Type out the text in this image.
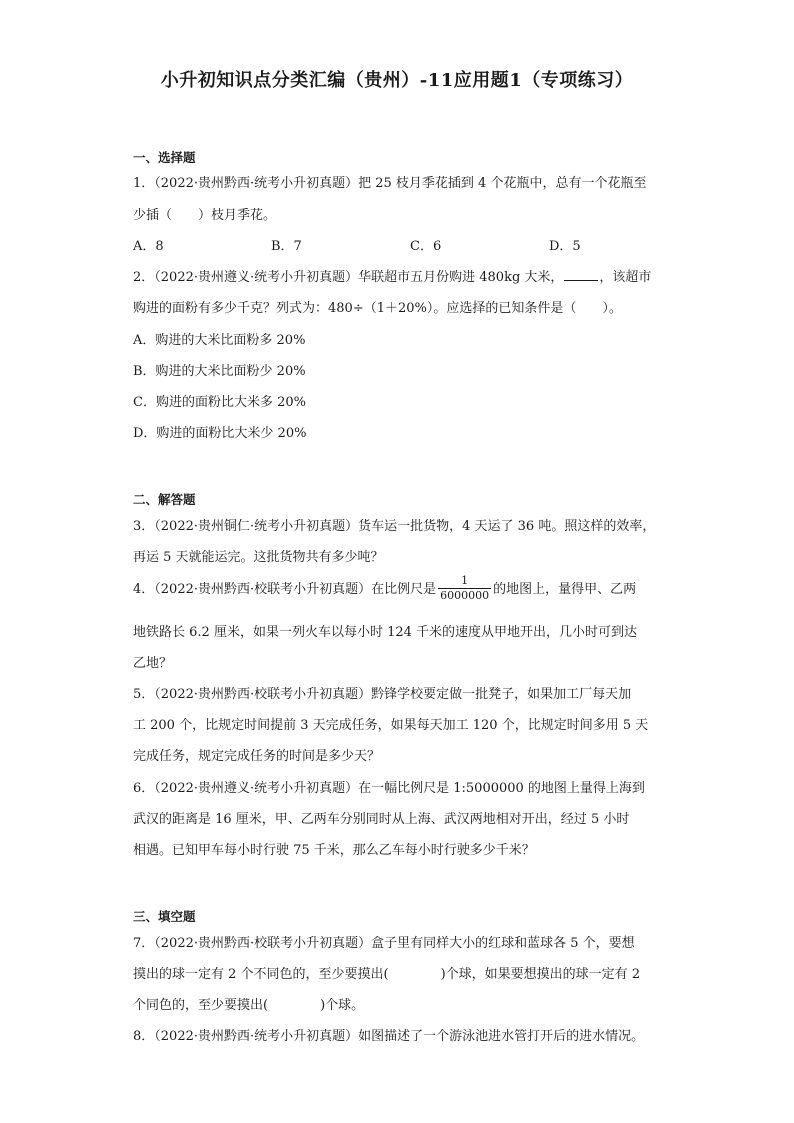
小升初知识点分类汇编（贵州）-11应用题1（专项练习）
一、选择题
1．（2022·贵州黔西·统考小升初真题）把 25 枝月季花插到 4 个花瓶中，总有一个花瓶至
少插（　　）枝月季花。
A．8	B．7	C．6	D．5
2．（2022·贵州遵义·统考小升初真题）华联超市五月份购进 480kg 大米，	，该超市
购进的面粉有多少千克？列式为：480÷（1＋20%）。应选择的已知条件是（　　）。
A．购进的大米比面粉多 20%
B．购进的大米比面粉少 20%
C．购进的面粉比大米多 20%
D．购进的面粉比大米少 20%
二、解答题
3．（2022·贵州铜仁·统考小升初真题）货车运一批货物，4 天运了 36 吨。照这样的效率，
再运 5 天就能运完。这批货物共有多少吨？
4．（2022·贵州黔西·校联考小升初真题）在比例尺是 $\frac{1}{6000000}$ 的地图上，量得甲、乙两
地铁路长 6.2 厘米，如果一列火车以每小时 124 千米的速度从甲地开出，几小时可到达
乙地？
5．（2022·贵州黔西·校联考小升初真题）黔锋学校要定做一批凳子，如果加工厂每天加
工 200 个，比规定时间提前 3 天完成任务，如果每天加工 120 个，比规定时间多用 5 天
完成任务，规定完成任务的时间是多少天？
6．（2022·贵州遵义·统考小升初真题）在一幅比例尺是 1:5000000 的地图上量得上海到
武汉的距离是 16 厘米，甲、乙两车分别同时从上海、武汉两地相对开出，经过 5 小时
相遇。已知甲车每小时行驶 75 千米，那么乙车每小时行驶多少千米？
三、填空题
7．（2022·贵州黔西·校联考小升初真题）盒子里有同样大小的红球和蓝球各 5 个，要想
摸出的球一定有 2 个不同色的，至少要摸出(	)个球，如果要想摸出的球一定有 2
个同色的，至少要摸出(	)个球。
8．（2022·贵州黔西·统考小升初真题）如图描述了一个游泳池进水管打开后的进水情况。
